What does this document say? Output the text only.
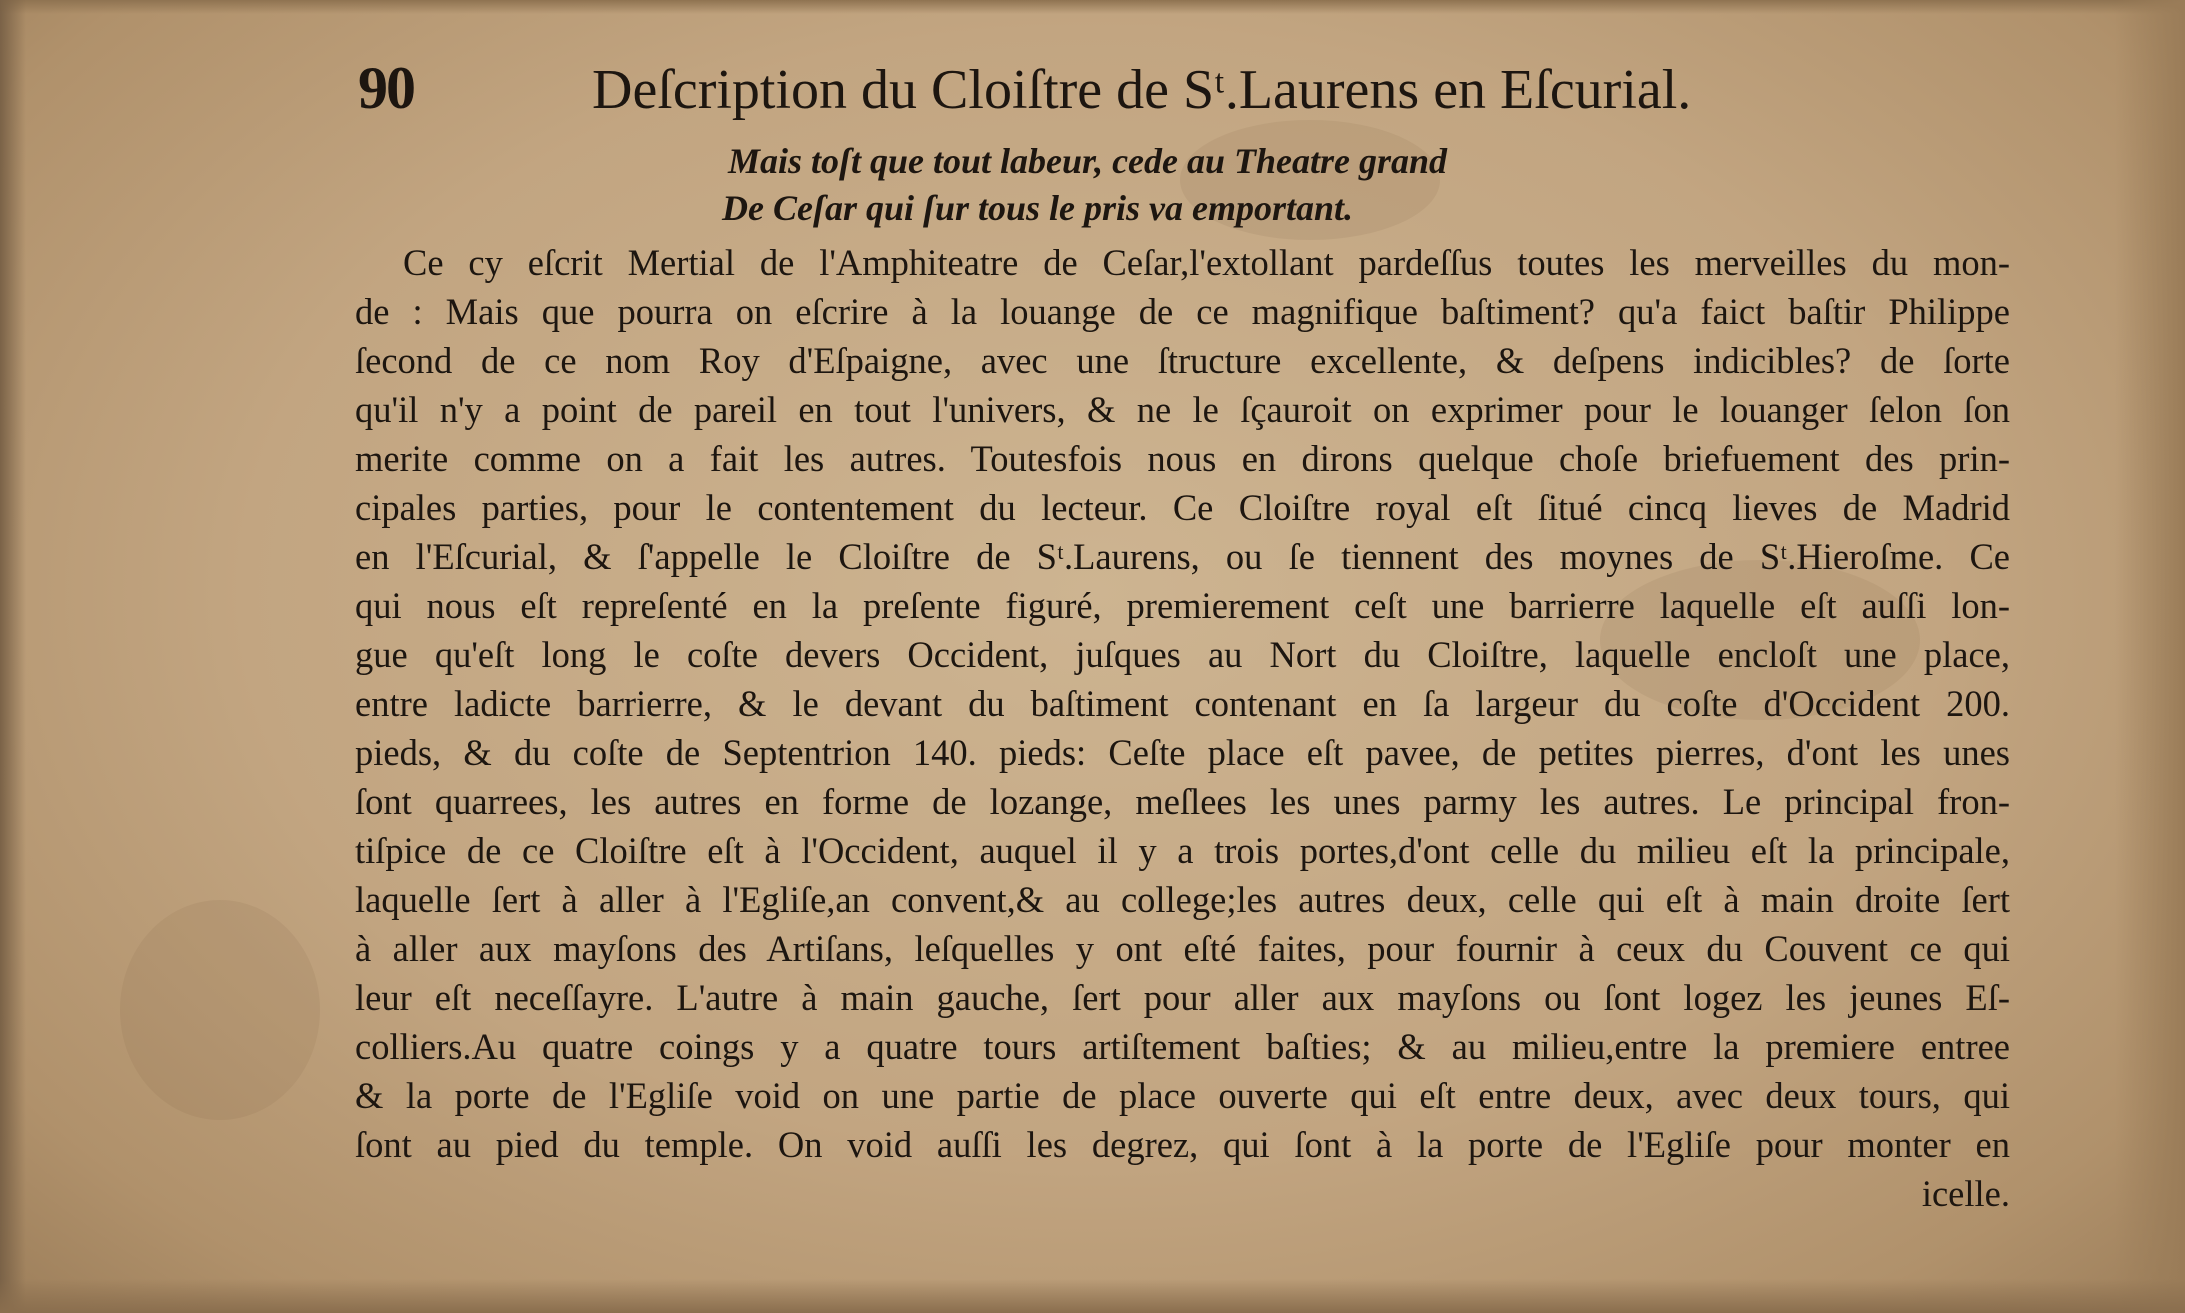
90	Deſcription du Cloiſtre de Sᵗ.Laurens en Eſcurial.
Mais toſt que tout labeur, cede au Theatre grand
De Ceſar qui ſur tous le pris va emportant.
Ce cy eſcrit Mertial de l'Amphiteatre de Ceſar,l'extollant pardeſſus toutes les merveilles du mon-
de : Mais que pourra on eſcrire à la louange de ce magnifique baſtiment? qu'a faict baſtir Philippe
ſecond de ce nom Roy d'Eſpaigne, avec une ſtructure excellente, & deſpens indicibles? de ſorte
qu'il n'y a point de pareil en tout l'univers, & ne le ſçauroit on exprimer pour le louanger ſelon ſon
merite comme on a fait les autres. Toutesfois nous en dirons quelque choſe briefuement des prin-
cipales parties, pour le contentement du lecteur. Ce Cloiſtre royal eſt ſitué cincq lieves de Madrid
en l'Eſcurial, & ſ'appelle le Cloiſtre de Sᵗ.Laurens, ou ſe tiennent des moynes de Sᵗ.Hieroſme. Ce
qui nous eſt repreſenté en la preſente figuré, premierement ceſt une barrierre laquelle eſt auſſi lon-
gue qu'eſt long le coſte devers Occident, juſques au Nort du Cloiſtre, laquelle encloſt une place,
entre ladicte barrierre, & le devant du baſtiment contenant en ſa largeur du coſte d'Occident 200.
pieds, & du coſte de Septentrion 140. pieds: Ceſte place eſt pavee, de petites pierres, d'ont les unes
ſont quarrees, les autres en forme de lozange, meſlees les unes parmy les autres. Le principal fron-
tiſpice de ce Cloiſtre eſt à l'Occident, auquel il y a trois portes,d'ont celle du milieu eſt la principale,
laquelle ſert à aller à l'Egliſe,an convent,& au college;les autres deux, celle qui eſt à main droite ſert
à aller aux mayſons des Artiſans, leſquelles y ont eſté faites, pour fournir à ceux du Couvent ce qui
leur eſt neceſſayre. L'autre à main gauche, ſert pour aller aux mayſons ou ſont logez les jeunes Eſ-
colliers.Au quatre coings y a quatre tours artiſtement baſties; & au milieu,entre la premiere entree
& la porte de l'Egliſe void on une partie de place ouverte qui eſt entre deux, avec deux tours, qui
ſont au pied du temple. On void auſſi les degrez, qui ſont à la porte de l'Egliſe pour monter en
icelle.
